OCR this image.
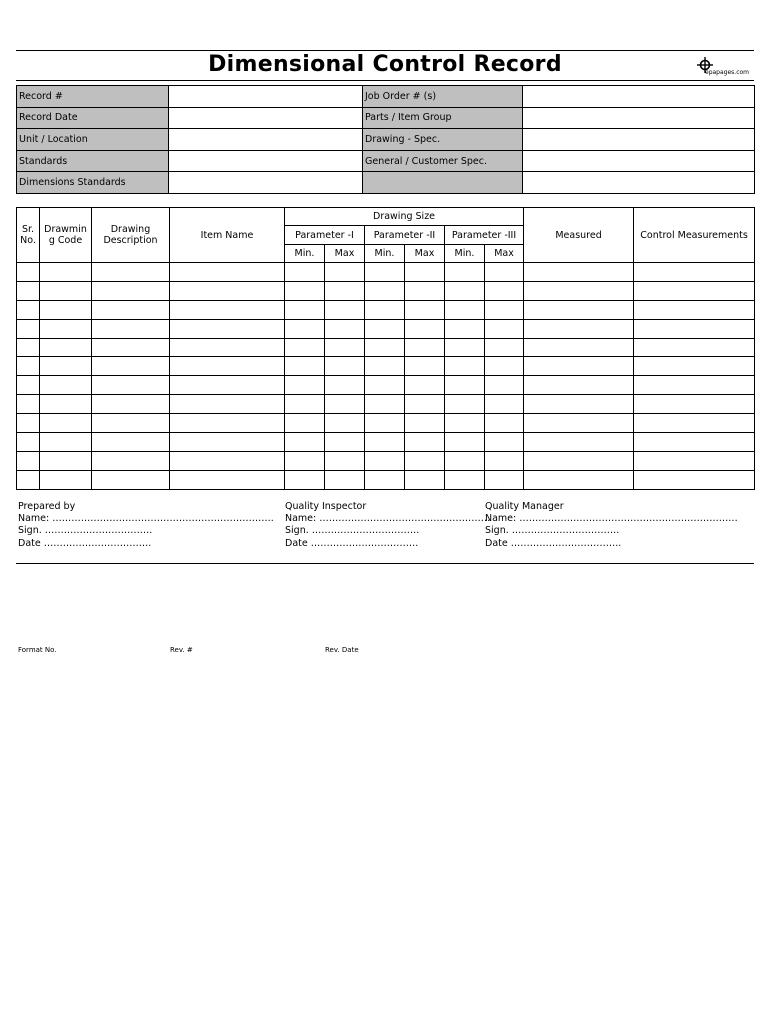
Dimensional Control Record	epapages.com
Record #		Job Order # (s)	
Record Date		Parts / Item Group	
Unit / Location		Drawing - Spec.	
Standards		General / Customer Spec.	
Dimensions Standards			
Sr. No.	Drawmin g Code	Drawing Description	Item Name	Drawing Size						Measured	Control Measurements
				Parameter -I		Parameter -II		Parameter -III			
				Min.	Max	Min.	Max	Min.	Max		

Prepared by
Name: …………………………………………………………….
Sign. …………………………….
Date …………………………….
Quality Inspector
Name: ………………………………………………
Sign. …………………………….
Date …………………………….
Quality Manager
Name: ……………………………………………………………
Sign. …………………………….
Date ……………………………..
Format No.	Rev. #	Rev. Date
